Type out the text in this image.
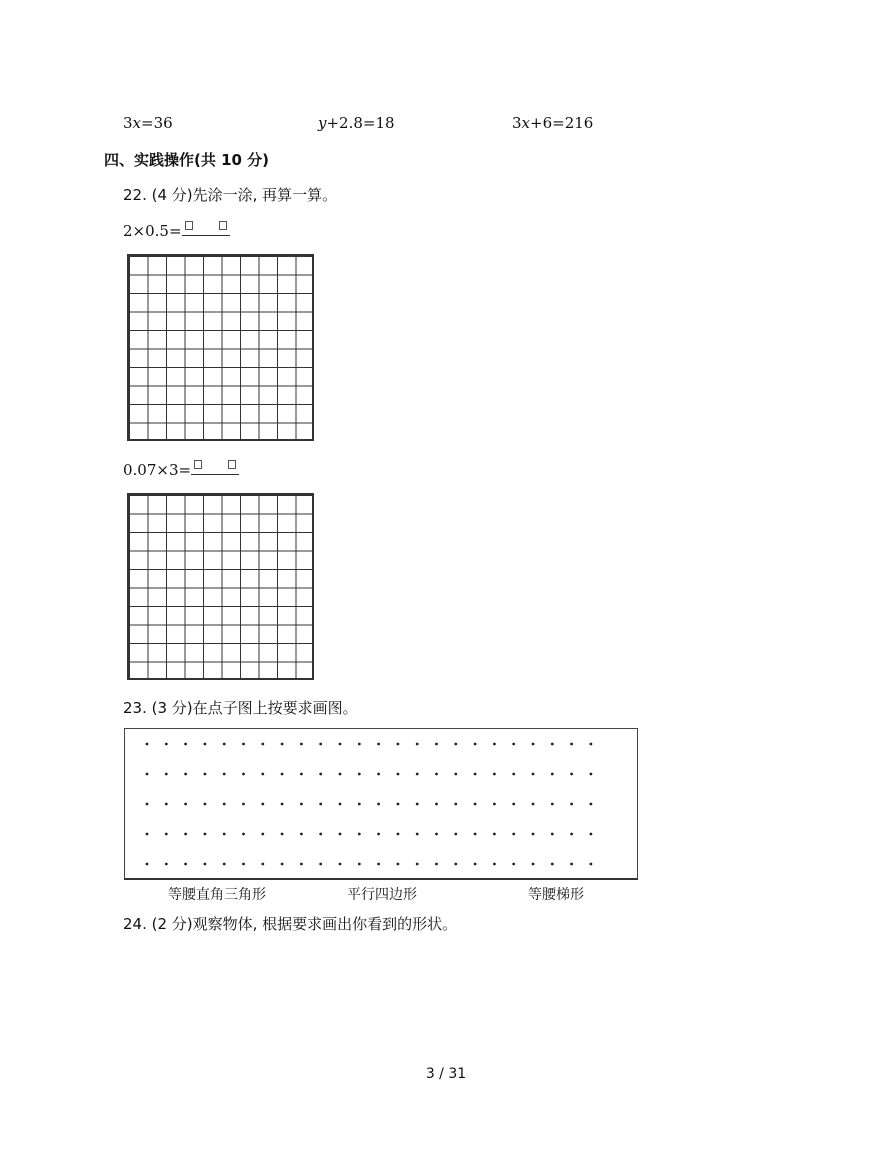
3x=36	y+2.8=18	3x+6=216
四、实践操作(共 10 分)
22. (4 分)先涂一涂, 再算一算。
2×0.5=
0.07×3=
23. (3 分)在点子图上按要求画图。
等腰直角三角形	平行四边形	等腰梯形
24. (2 分)观察物体, 根据要求画出你看到的形状。
3 / 31
